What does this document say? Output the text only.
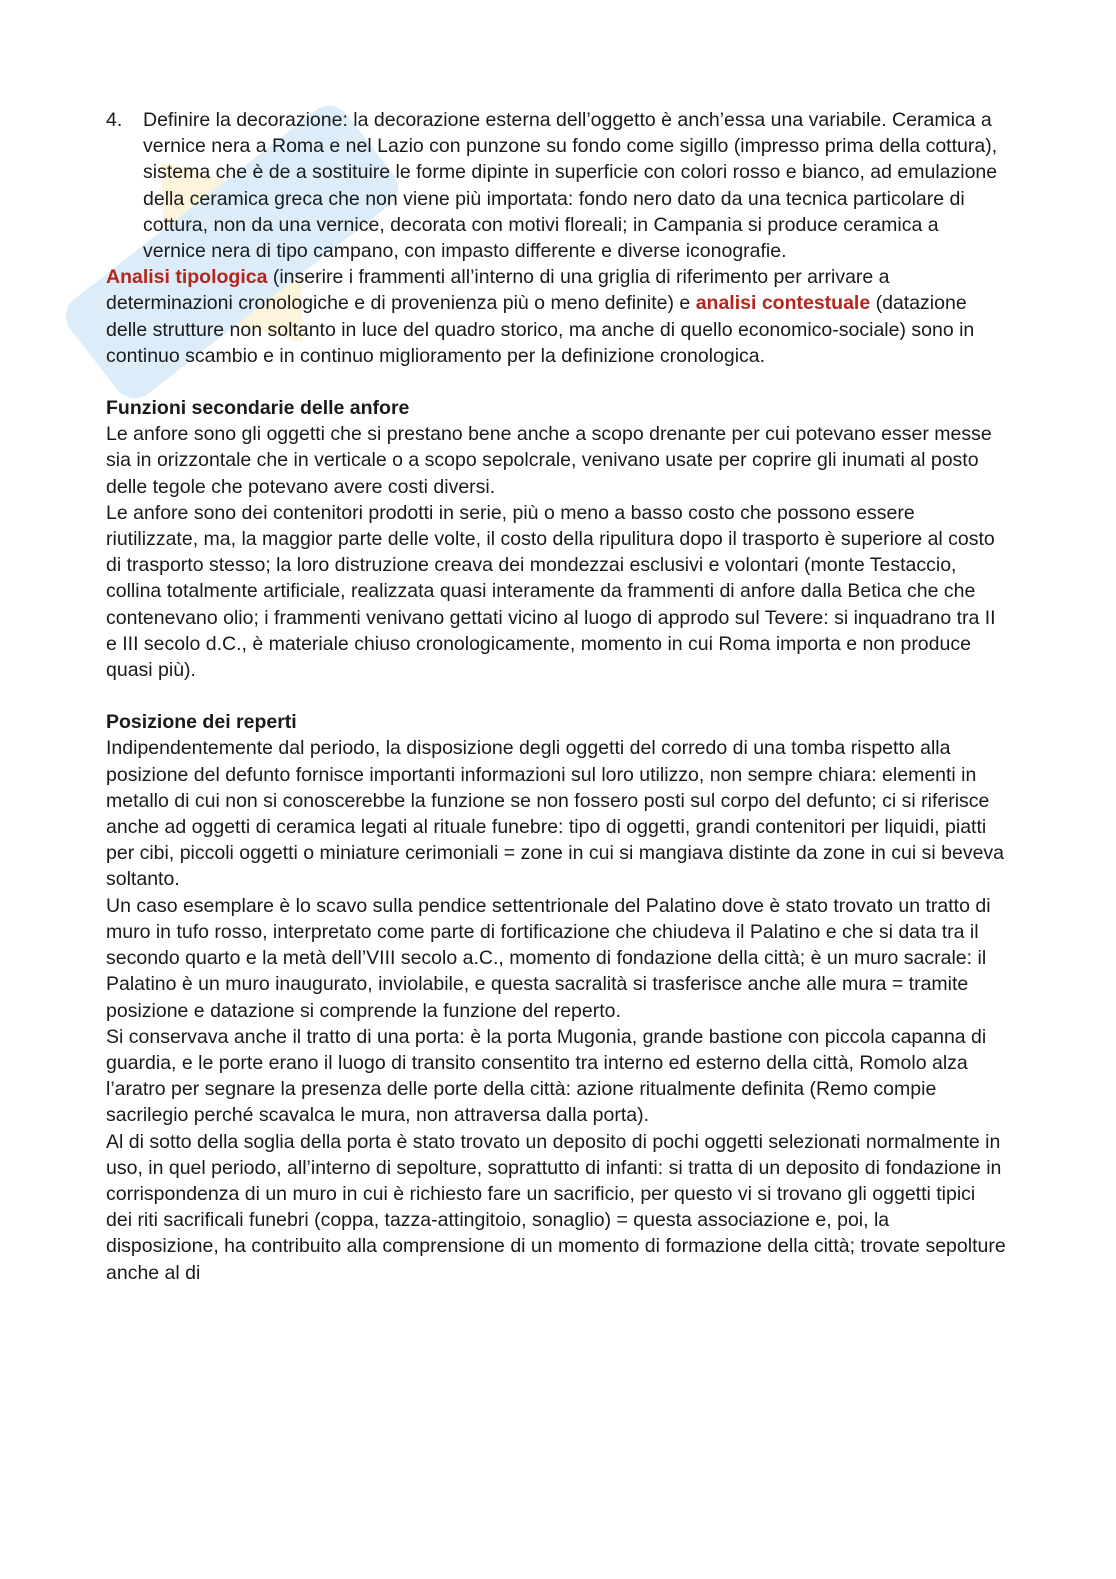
4. Definire la decorazione: la decorazione esterna dell’oggetto è anch’essa una variabile. Ceramica a vernice nera a Roma e nel Lazio con punzone su fondo come sigillo (impresso prima della cottura), sistema che è de a sostituire le forme dipinte in superficie con colori rosso e bianco, ad emulazione della ceramica greca che non viene più importata: fondo nero dato da una tecnica particolare di cottura, non da una vernice, decorata con motivi floreali; in Campania si produce ceramica a vernice nera di tipo campano, con impasto differente e diverse iconografie.

Analisi tipologica (inserire i frammenti all’interno di una griglia di riferimento per arrivare a determinazioni cronologiche e di provenienza più o meno definite) e analisi contestuale (datazione delle strutture non soltanto in luce del quadro storico, ma anche di quello economico-sociale) sono in continuo scambio e in continuo miglioramento per la definizione cronologica.

Funzioni secondarie delle anfore

Le anfore sono gli oggetti che si prestano bene anche a scopo drenante per cui potevano esser messe sia in orizzontale che in verticale o a scopo sepolcrale, venivano usate per coprire gli inumati al posto delle tegole che potevano avere costi diversi.

Le anfore sono dei contenitori prodotti in serie, più o meno a basso costo che possono essere riutilizzate, ma, la maggior parte delle volte, il costo della ripulitura dopo il trasporto è superiore al costo di trasporto stesso; la loro distruzione creava dei mondezzai esclusivi e volontari (monte Testaccio, collina totalmente artificiale, realizzata quasi interamente da frammenti di anfore dalla Betica che che contenevano olio; i frammenti venivano gettati vicino al luogo di approdo sul Tevere: si inquadrano tra II e III secolo d.C., è materiale chiuso cronologicamente, momento in cui Roma importa e non produce quasi più).

Posizione dei reperti

Indipendentemente dal periodo, la disposizione degli oggetti del corredo di una tomba rispetto alla posizione del defunto fornisce importanti informazioni sul loro utilizzo, non sempre chiara: elementi in metallo di cui non si conoscerebbe la funzione se non fossero posti sul corpo del defunto; ci si riferisce anche ad oggetti di ceramica legati al rituale funebre: tipo di oggetti, grandi contenitori per liquidi, piatti per cibi, piccoli oggetti o miniature cerimoniali = zone in cui si mangiava distinte da zone in cui si beveva soltanto.

Un caso esemplare è lo scavo sulla pendice settentrionale del Palatino dove è stato trovato un tratto di muro in tufo rosso, interpretato come parte di fortificazione che chiudeva il Palatino e che si data tra il secondo quarto e la metà dell’VIII secolo a.C., momento di fondazione della città; è un muro sacrale: il Palatino è un muro inaugurato, inviolabile, e questa sacralità si trasferisce anche alle mura = tramite posizione e datazione si comprende la funzione del reperto.

Si conservava anche il tratto di una porta: è la porta Mugonia, grande bastione con piccola capanna di guardia, e le porte erano il luogo di transito consentito tra interno ed esterno della città, Romolo alza l’aratro per segnare la presenza delle porte della città: azione ritualmente definita (Remo compie sacrilegio perché scavalca le mura, non attraversa dalla porta).

Al di sotto della soglia della porta è stato trovato un deposito di pochi oggetti selezionati normalmente in uso, in quel periodo, all’interno di sepolture, soprattutto di infanti: si tratta di un deposito di fondazione in corrispondenza di un muro in cui è richiesto fare un sacrificio, per questo vi si trovano gli oggetti tipici dei riti sacrificali funebri (coppa, tazza-attingitoio, sonaglio) = questa associazione e, poi, la disposizione, ha contribuito alla comprensione di un momento di formazione della città; trovate sepolture anche al di
